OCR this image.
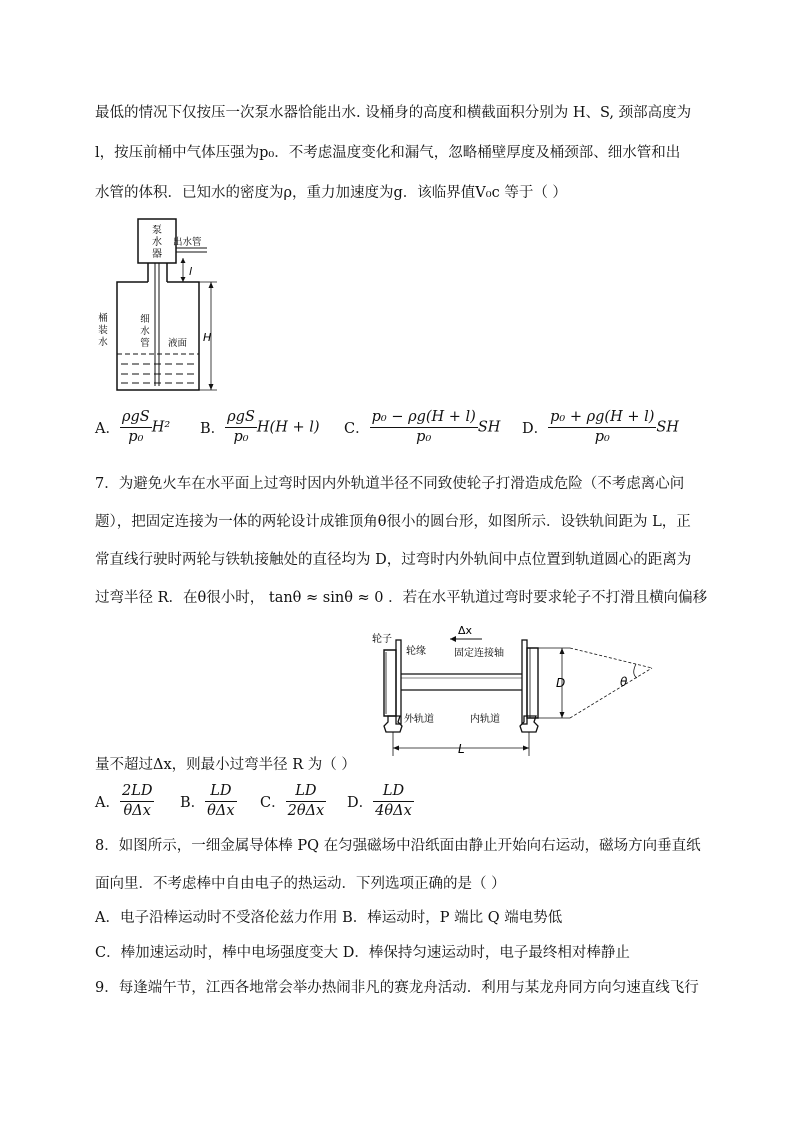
最低的情况下仅按压一次泵水器恰能出水. 设桶身的高度和横截面积分别为 H、S, 颈部高度为
l，按压前桶中气体压强为p₀．不考虑温度变化和漏气，忽略桶壁厚度及桶颈部、细水管和出
水管的体积．已知水的密度为ρ，重力加速度为g．该临界值V₀c 等于（ ）
泵
水
器
出水管
l
桶
装
水
细
水
管 液面 H
A． $\frac{\text{ρgS}}{\text{p₀}} H^2$ B． $\frac{\text{ρgS}}{\text{p₀}} H(H + l)$ C． $\frac{\text{p₀ − ρg(H + l)}}{\text{p₀}}$ SH D． $\frac{\text{p₀ + ρg(H + l)}}{\text{p₀}}$ SH
7．为避免火车在水平面上过弯时因内外轨道半径不同致使轮子打滑造成危险（不考虑离心问
题），把固定连接为一体的两轮设计成锥顶角θ很小的圆台形，如图所示．设铁轨间距为 L，正
常直线行驶时两轮与铁轨接触处的直径均为 D，过弯时内外轨间中点位置到轨道圆心的距离为
过弯半径 R．在θ很小时， tanθ ≈ sinθ ≈ 0 ．若在水平轨道过弯时要求轮子不打滑且横向偏移
Δx
轮子
轮缘	固定连接轴
外轨道	内轨道
L
D	θ
量不超过Δx，则最小过弯半径 R 为（ ）
A． $\frac{2LD}{\text{θΔx}}$ B． $\frac{LD}{\text{θΔx}}$ C． $\frac{LD}{\text{2θΔx}}$ D． $\frac{LD}{\text{4θΔx}}$
8．如图所示，一细金属导体棒 PQ 在匀强磁场中沿纸面由静止开始向右运动，磁场方向垂直纸
面向里．不考虑棒中自由电子的热运动．下列选项正确的是（ ）
A．电子沿棒运动时不受洛伦兹力作用 B．棒运动时，P 端比 Q 端电势低
C．棒加速运动时，棒中电场强度变大 D．棒保持匀速运动时，电子最终相对棒静止
9．每逢端午节，江西各地常会举办热闹非凡的赛龙舟活动．利用与某龙舟同方向匀速直线飞行
